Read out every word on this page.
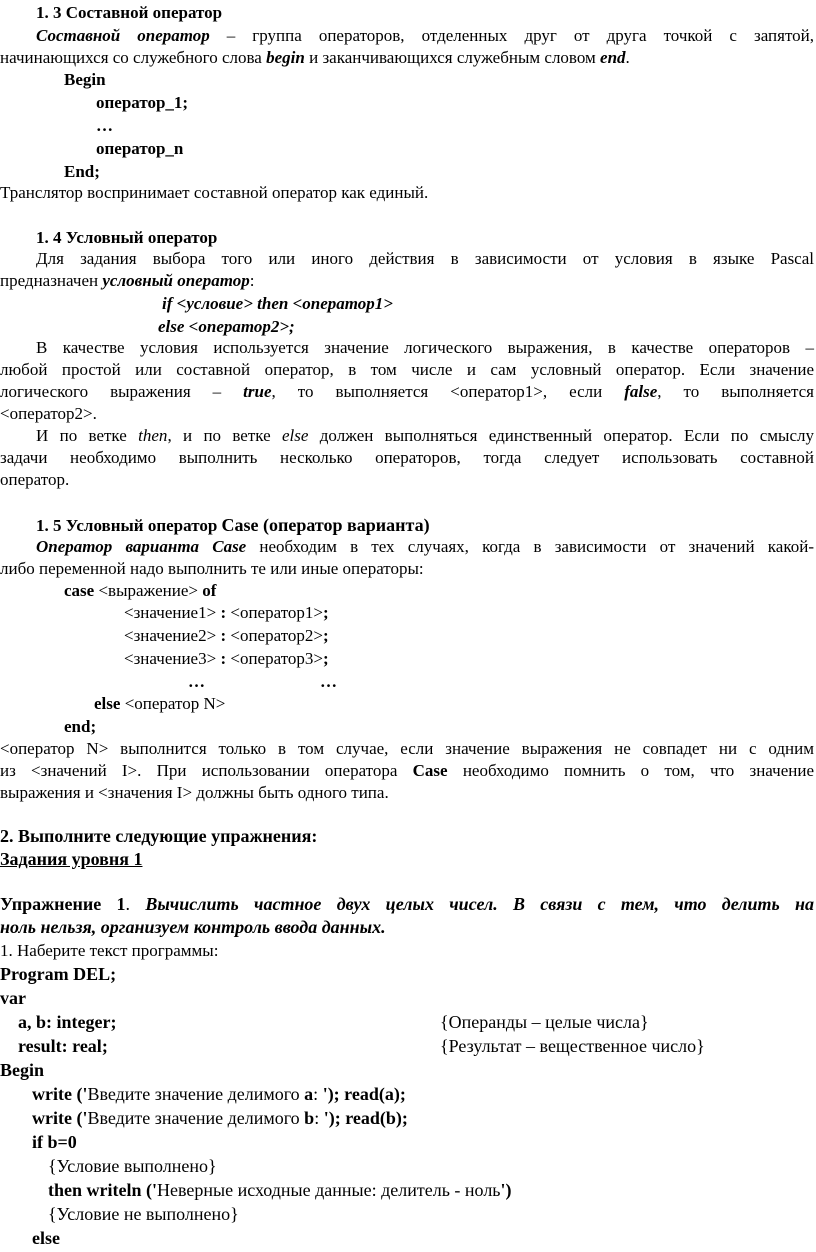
1. 3 Составной оператор
Составной оператор – группа операторов, отделенных друг от друга точкой с запятой,
начинающихся со служебного слова begin и заканчивающихся служебным словом end.
Begin
оператор_1;
…
оператор_n
End;
Транслятор воспринимает составной оператор как единый.
1. 4 Условный оператор
Для задания выбора того или иного действия в зависимости от условия в языке Pascal
предназначен условный оператор:
if <условие> then <оператор1>
else <оператор2>;
В качестве условия используется значение логического выражения, в качестве операторов –
любой простой или составной оператор, в том числе и сам условный оператор. Если значение
логического выражения – true, то выполняется <оператор1>, если false, то выполняется
<оператор2>.
И по ветке then, и по ветке else должен выполняться единственный оператор. Если по смыслу
задачи необходимо выполнить несколько операторов, тогда следует использовать составной
оператор.
1. 5 Условный оператор Case (оператор варианта)
Оператор варианта Case необходим в тех случаях, когда в зависимости от значений какой-
либо переменной надо выполнить те или иные операторы:
case <выражение> of
<значение1> : <оператор1>;
<значение2> : <оператор2>;
<значение3> : <оператор3>;
…	…
else <оператор N>
end;
<оператор N> выполнится только в том случае, если значение выражения не совпадет ни с одним
из <значений I>. При использовании оператора Case необходимо помнить о том, что значение
выражения и <значения I> должны быть одного типа.
2. Выполните следующие упражнения:
Задания уровня 1
Упражнение 1. Вычислить частное двух целых чисел. В связи с тем, что делить на
ноль нельзя, организуем контроль ввода данных.
1. Наберите текст программы:
Program DEL;
var
a, b: integer;	{Операнды – целые числа}
result: real;	{Результат – вещественное число}
Begin
write ('Введите значение делимого a: '); read(a);
write ('Введите значение делимого b: '); read(b);
if b=0
{Условие выполнено}
then writeln ('Неверные исходные данные: делитель - ноль')
{Условие не выполнено}
else
